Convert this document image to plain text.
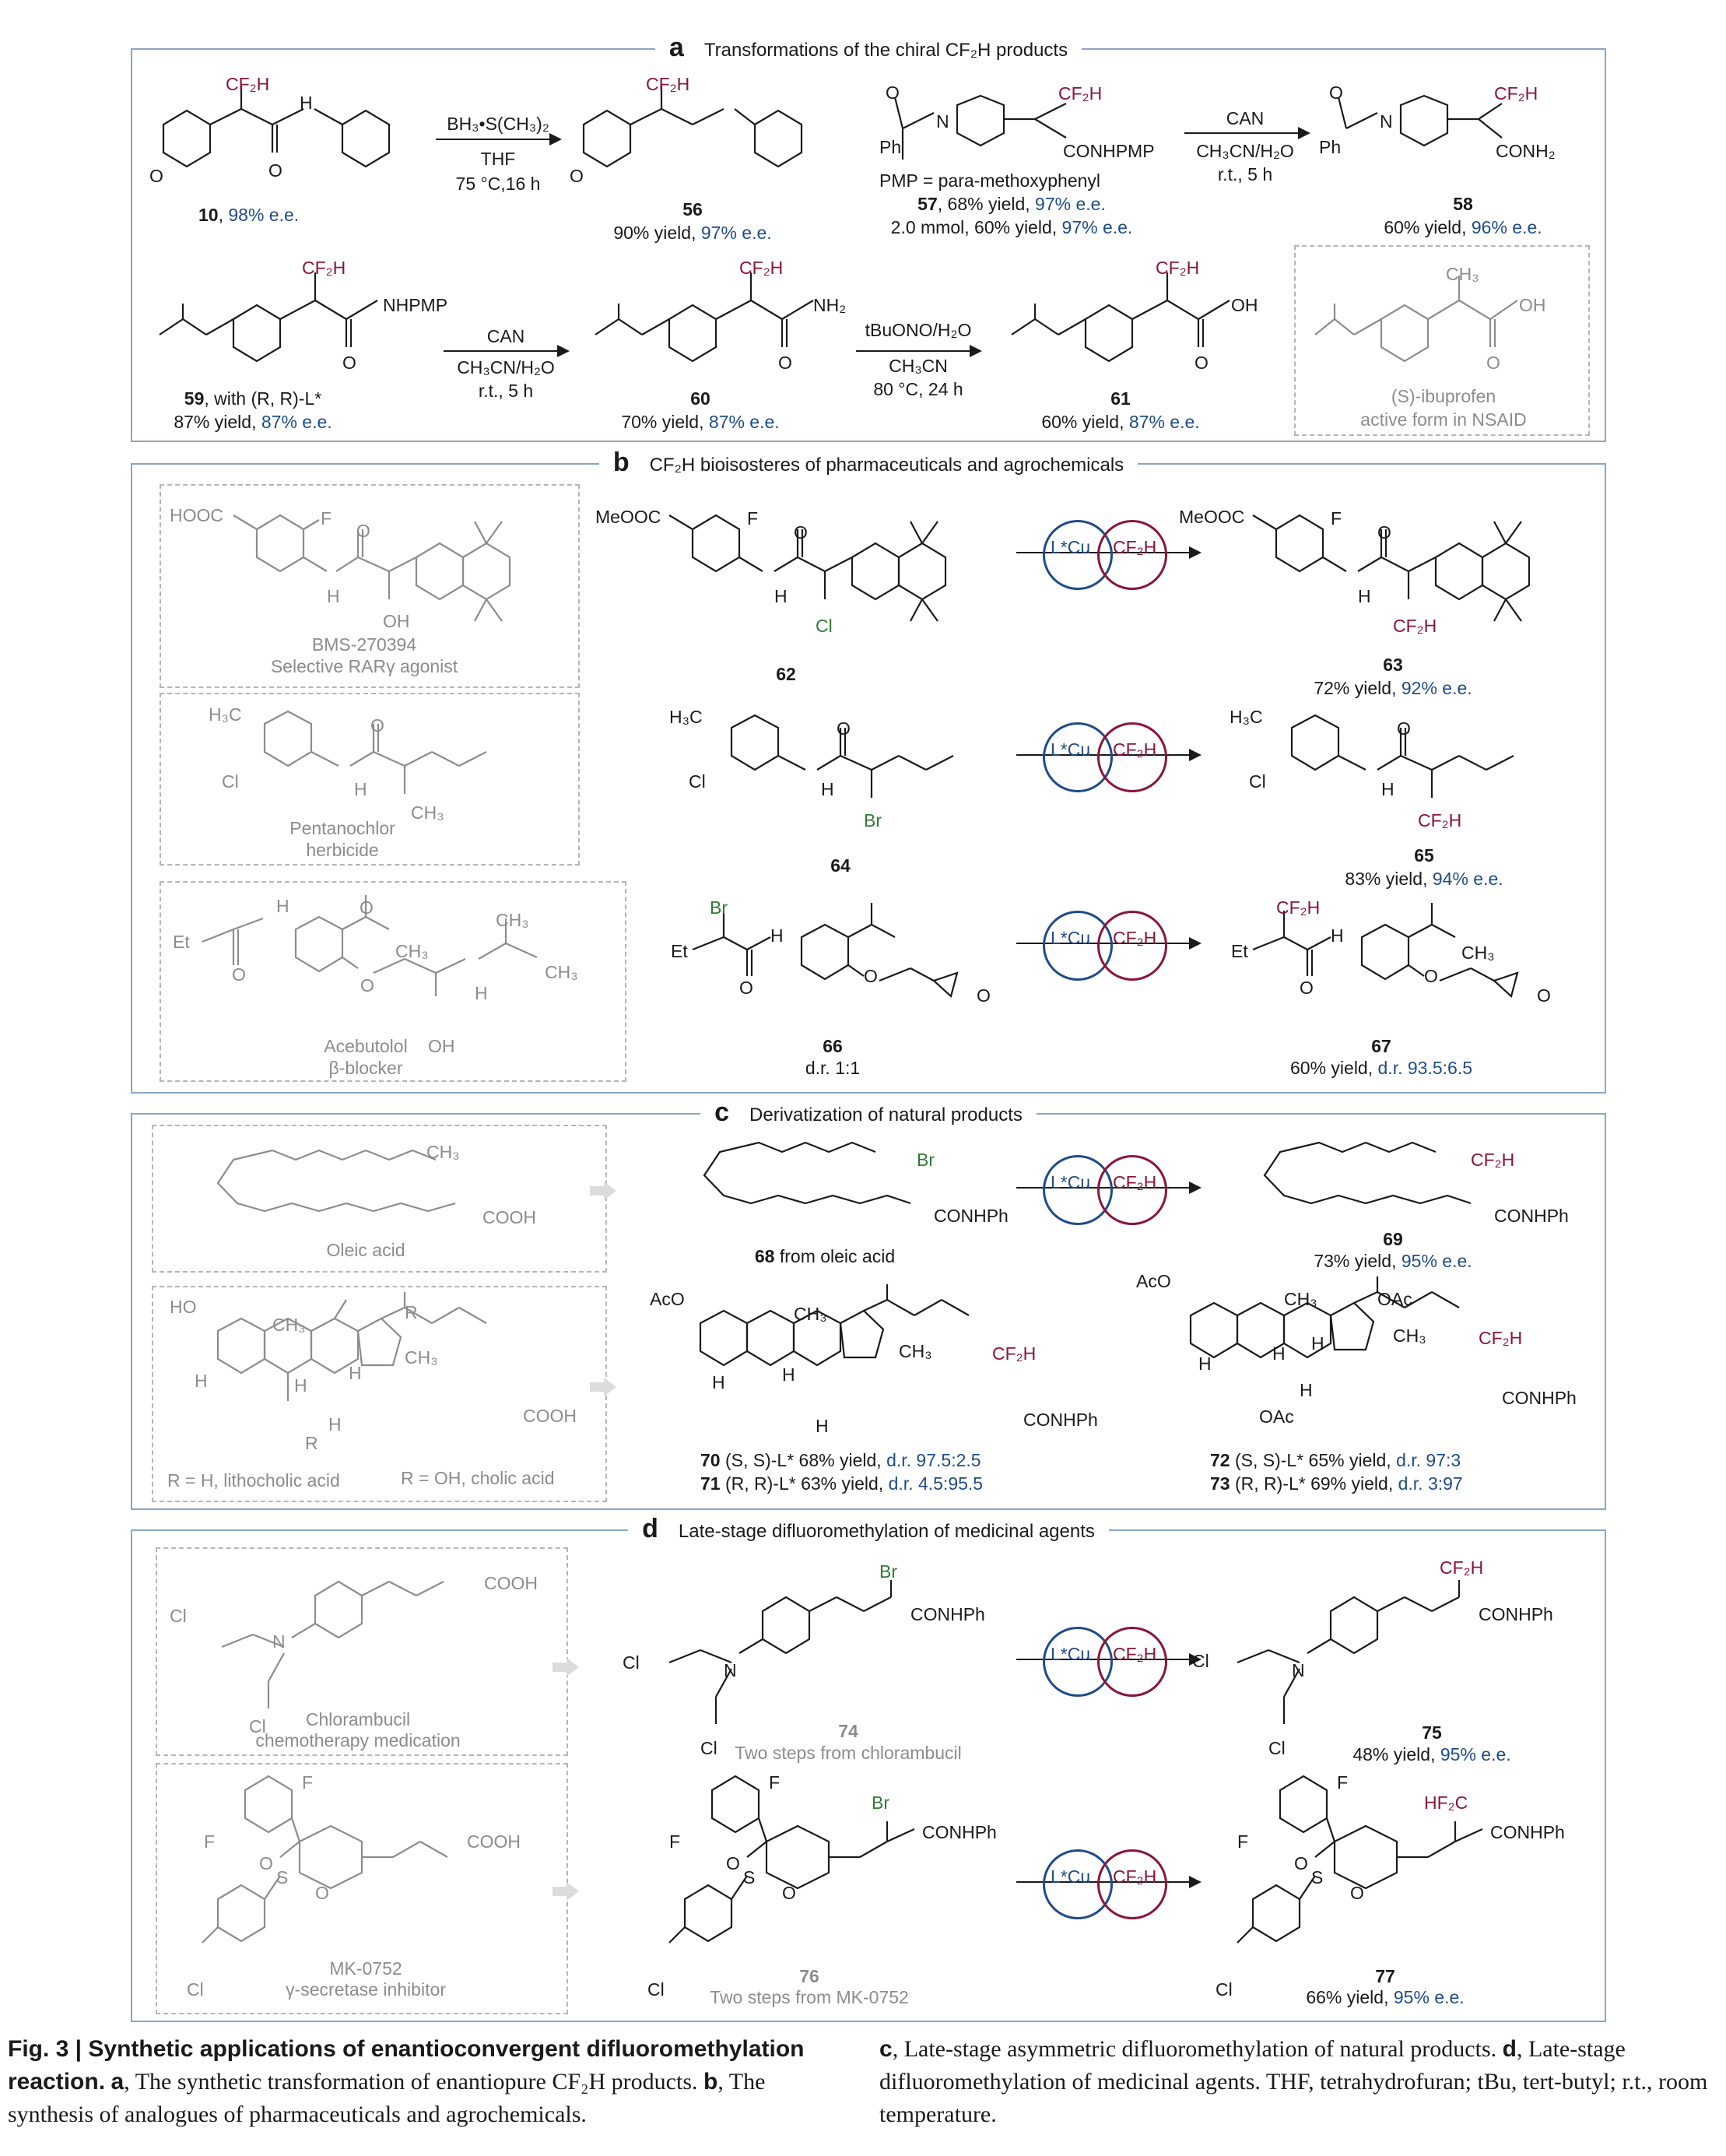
a Transformations of the chiral CF₂H products
CF₂H
H
O	O
10, 98% e.e.
BH₃•S(CH₃)₂
THF
75 °C,16 h
CF₂H
O
56
90% yield, 97% e.e.
O
N
Ph
CF₂H
CONHPMP
PMP = para-methoxyphenyl
57, 68% yield, 97% e.e.
2.0 mmol, 60% yield, 97% e.e.
CAN
CH₃CN/H₂O
r.t., 5 h
O
N
Ph
CF₂H
CONH₂
58
60% yield, 96% e.e.
CF₂H
NHPMP
O
59, with (R, R)-L*
87% yield, 87% e.e.
CAN
CH₃CN/H₂O
r.t., 5 h
CF₂H
NH₂
O
60
70% yield, 87% e.e.
tBuONO/H₂O
CH₃CN
80 °C, 24 h
CF₂H
OH
O
61
60% yield, 87% e.e.
CH₃
OH
O
(S)-ibuprofen
active form in NSAID
b CF₂H bioisosteres of pharmaceuticals and agrochemicals
HOOC	F
O
H
OH
BMS-270394
Selective RARγ agonist
H₃C
Cl
O
H
CH₃
Pentanochlor
herbicide
Et
O
H	O
CH₃
O	H
CH₃
CH₃
OH
Acebutolol
β-blocker
MeOOC	F
O
H
Cl
62
L*Cu CF₂H
MeOOC	F
O
H
CF₂H
63
72% yield, 92% e.e.
H₃C
Cl
O
H
Br
64
L*Cu CF₂H
H₃C
Cl
O
H
CF₂H
65
83% yield, 94% e.e.
Br
Et
O
H
O
O
66
d.r. 1:1
L*Cu CF₂H
CF₂H
Et
O
H
CH₃
O
O
67
60% yield, d.r. 93.5:6.5
c Derivatization of natural products
CH₃
COOH
Oleic acid
HO
CH₃
R
CH₃
H
H
H
H
R
COOH
R = H, lithocholic acid	R = OH, cholic acid
Br
CONHPh
68 from oleic acid
L*Cu CF₂H
CF₂H
CONHPh
69
73% yield, 95% e.e.
AcO
CH₃
CH₃
H	H
H
CF₂H
CONHPh
70 (S, S)-L* 68% yield, d.r. 97.5:2.5
71 (R, R)-L* 63% yield, d.r. 4.5:95.5
AcO
CH₃	OAc
CH₃
H	H H
H
OAc
CF₂H
CONHPh
72 (S, S)-L* 65% yield, d.r. 97:3
73 (R, R)-L* 69% yield, d.r. 3:97
d Late-stage difluoromethylation of medicinal agents
COOH
Cl
N
Cl Chlorambucil
chemotherapy medication
F
F	COOH
S
O
O
Cl
MK-0752
γ-secretase inhibitor
Br
CONHPh
Cl	N
Cl
74
Two steps from chlorambucil
L*Cu CF₂H
CF₂H
CONHPh
Cl	N
Cl
75
48% yield, 95% e.e.
F
F
Br
CONHPh
S
O
O
Cl
76
Two steps from MK-0752
L*Cu CF₂H
F
F
HF₂C
CONHPh
S
O
O
Cl
77
66% yield, 95% e.e.
Fig. 3 | Synthetic applications of enantioconvergent difluoromethylation reaction. a, The synthetic transformation of enantiopure CF₂H products. b, The synthesis of analogues of pharmaceuticals and agrochemicals.
c, Late-stage asymmetric difluoromethylation of natural products. d, Late-stage difluoromethylation of medicinal agents. THF, tetrahydrofuran; tBu, tert-butyl; r.t., room temperature.
